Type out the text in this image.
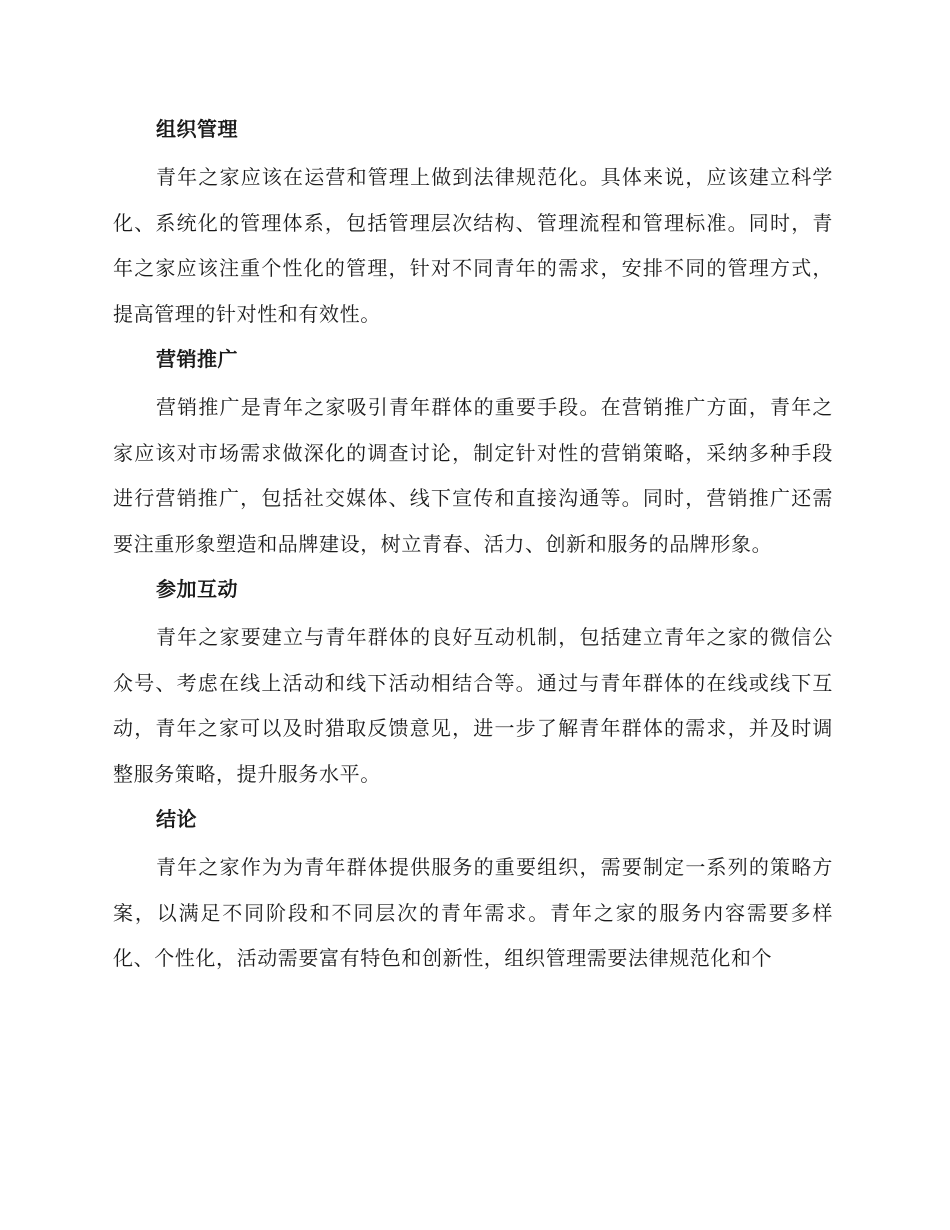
组织管理
青年之家应该在运营和管理上做到法律规范化。具体来说，应该建立科学化、系统化的管理体系，包括管理层次结构、管理流程和管理标准。同时，青年之家应该注重个性化的管理，针对不同青年的需求，安排不同的管理方式，提高管理的针对性和有效性。
营销推广
营销推广是青年之家吸引青年群体的重要手段。在营销推广方面，青年之家应该对市场需求做深化的调查讨论，制定针对性的营销策略，采纳多种手段进行营销推广，包括社交媒体、线下宣传和直接沟通等。同时，营销推广还需要注重形象塑造和品牌建设，树立青春、活力、创新和服务的品牌形象。
参加互动
青年之家要建立与青年群体的良好互动机制，包括建立青年之家的微信公众号、考虑在线上活动和线下活动相结合等。通过与青年群体的在线或线下互动，青年之家可以及时猎取反馈意见，进一步了解青年群体的需求，并及时调整服务策略，提升服务水平。
结论
青年之家作为为青年群体提供服务的重要组织，需要制定一系列的策略方案，以满足不同阶段和不同层次的青年需求。青年之家的服务内容需要多样化、个性化，活动需要富有特色和创新性，组织管理需要法律规范化和个
